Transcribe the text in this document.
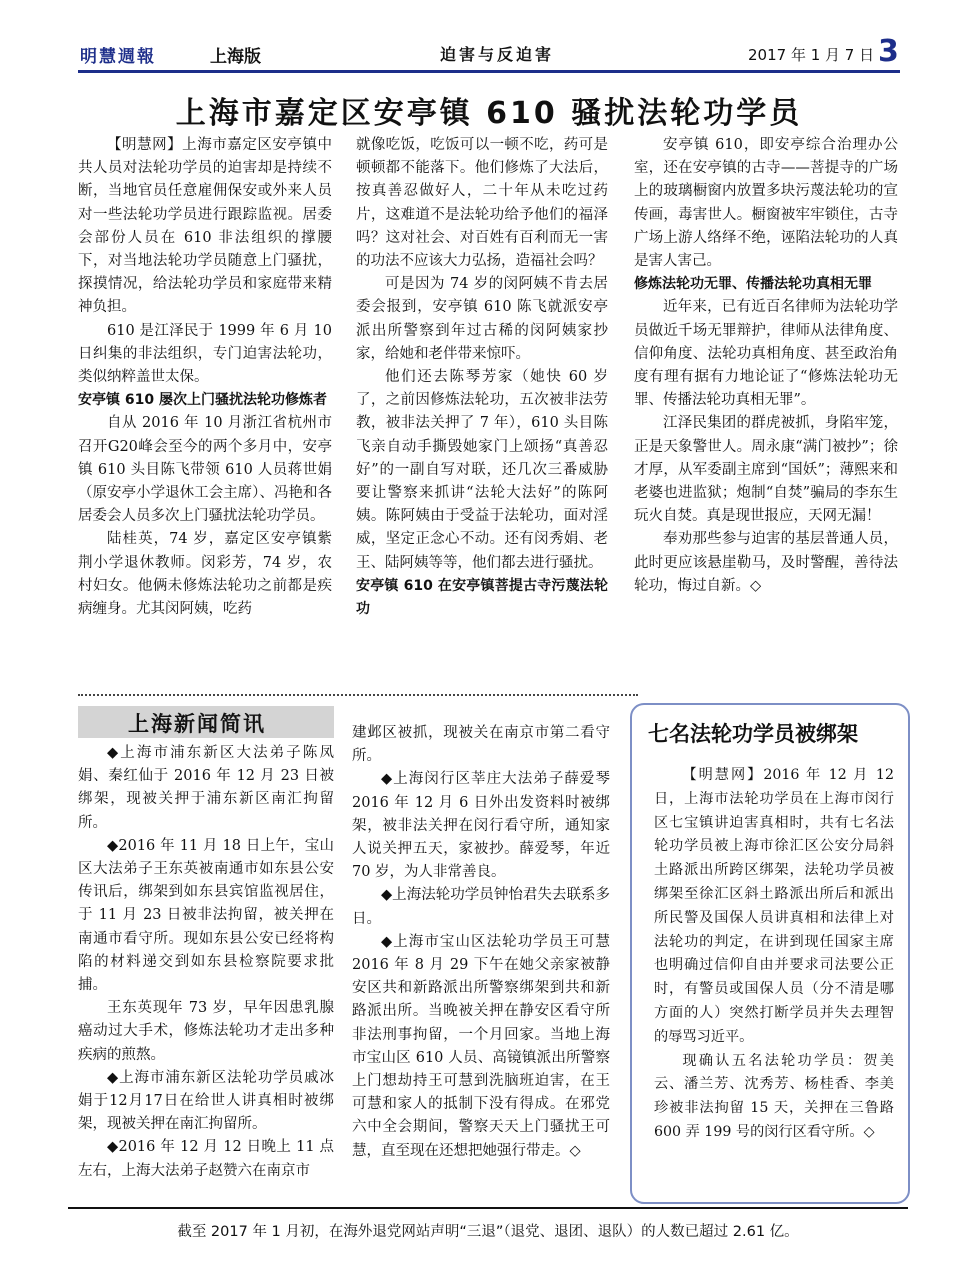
明慧週報	上海版	迫害与反迫害	2017 年 1 月 7 日 3
上海市嘉定区安亭镇 610 骚扰法轮功学员

【明慧网】上海市嘉定区安亭镇中共人员对法轮功学员的迫害却是持续不断，当地官员任意雇佣保安或外来人员对一些法轮功学员进行跟踪监视。居委会部份人员在 610 非法组织的撑腰下，对当地法轮功学员随意上门骚扰，探摸情况，给法轮功学员和家庭带来精神负担。

610 是江泽民于 1999 年 6 月 10 日纠集的非法组织，专门迫害法轮功，类似纳粹盖世太保。

安亭镇 610 屡次上门骚扰法轮功修炼者

自从 2016 年 10 月浙江省杭州市召开G20峰会至今的两个多月中，安亭镇 610 头目陈飞带领 610 人员蒋世娟（原安亭小学退休工会主席）、冯艳和各居委会人员多次上门骚扰法轮功学员。

陆桂英，74 岁，嘉定区安亭镇紫荆小学退休教师。闵彩芳，74 岁，农村妇女。他俩未修炼法轮功之前都是疾病缠身。尤其闵阿姨，吃药

就像吃饭，吃饭可以一顿不吃，药可是顿顿都不能落下。他们修炼了大法后，按真善忍做好人，二十年从未吃过药片，这难道不是法轮功给予他们的福泽吗？这对社会、对百姓有百利而无一害的功法不应该大力弘扬，造福社会吗？

可是因为 74 岁的闵阿姨不肯去居委会报到，安亭镇 610 陈飞就派安亭派出所警察到年过古稀的闵阿姨家抄家，给她和老伴带来惊吓。

他们还去陈琴芳家（她快 60 岁了，之前因修炼法轮功，五次被非法劳教，被非法关押了 7 年），610 头目陈飞亲自动手撕毁她家门上颂扬“真善忍好”的一副自写对联，还几次三番威胁要让警察来抓讲“法轮大法好”的陈阿姨。陈阿姨由于受益于法轮功，面对淫威，坚定正念心不动。还有闵秀娟、老王、陆阿姨等等，他们都去进行骚扰。

安亭镇 610 在安亭镇菩提古寺污蔑法轮功

安亭镇 610，即安亭综合治理办公室，还在安亭镇的古寺——菩提寺的广场上的玻璃橱窗内放置多块污蔑法轮功的宣传画，毒害世人。橱窗被牢牢锁住，古寺广场上游人络绎不绝，诬陷法轮功的人真是害人害己。

修炼法轮功无罪、传播法轮功真相无罪

近年来，已有近百名律师为法轮功学员做近千场无罪辩护，律师从法律角度、信仰角度、法轮功真相角度、甚至政治角度有理有据有力地论证了“修炼法轮功无罪、传播法轮功真相无罪”。

江泽民集团的群虎被抓，身陷牢笼，正是天象警世人。周永康“满门被抄”；徐才厚，从军委副主席到“国妖”；薄熙来和老婆也进监狱；炮制“自焚”骗局的李东生玩火自焚。真是现世报应，天网无漏！

奉劝那些参与迫害的基层普通人员，此时更应该悬崖勒马，及时警醒，善待法轮功，悔过自新。◇

上海新闻简讯

◆上海市浦东新区大法弟子陈凤娟、秦红仙于 2016 年 12 月 23 日被绑架，现被关押于浦东新区南汇拘留所。

◆2016 年 11 月 18 日上午，宝山区大法弟子王东英被南通市如东县公安传讯后，绑架到如东县宾馆监视居住，于 11 月 23 日被非法拘留，被关押在南通市看守所。现如东县公安已经将构陷的材料递交到如东县检察院要求批捕。

王东英现年 73 岁，早年因患乳腺癌动过大手术，修炼法轮功才走出多种疾病的煎熬。

◆上海市浦东新区法轮功学员戚冰娟于12月17日在给世人讲真相时被绑架，现被关押在南汇拘留所。

◆2016 年 12 月 12 日晚上 11 点左右，上海大法弟子赵赞六在南京市

建邺区被抓，现被关在南京市第二看守所。

◆上海闵行区莘庄大法弟子薛爱琴 2016 年 12 月 6 日外出发资料时被绑架，被非法关押在闵行看守所，通知家人说关押五天，家被抄。薛爱琴，年近 70 岁，为人非常善良。

◆上海法轮功学员钟怡君失去联系多日。

◆上海市宝山区法轮功学员王可慧 2016 年 8 月 29 下午在她父亲家被静安区共和新路派出所警察绑架到共和新路派出所。当晚被关押在静安区看守所非法刑事拘留，一个月回家。当地上海市宝山区 610 人员、高镜镇派出所警察上门想劫持王可慧到洗脑班迫害，在王可慧和家人的抵制下没有得成。在邪党六中全会期间，警察天天上门骚扰王可慧，直至现在还想把她强行带走。◇

七名法轮功学员被绑架

【明慧网】2016 年 12 月 12 日，上海市法轮功学员在上海市闵行区七宝镇讲迫害真相时，共有七名法轮功学员被上海市徐汇区公安分局斜土路派出所跨区绑架，法轮功学员被绑架至徐汇区斜土路派出所后和派出所民警及国保人员讲真相和法律上对法轮功的判定，在讲到现任国家主席也明确过信仰自由并要求司法要公正时，有警员或国保人员（分不清是哪方面的人）突然打断学员并失去理智的辱骂习近平。

现确认五名法轮功学员：贺美云、潘兰芳、沈秀芳、杨桂香、李美珍被非法拘留 15 天，关押在三鲁路 600 弄 199 号的闵行区看守所。◇

截至 2017 年 1 月初，在海外退党网站声明“三退”（退党、退团、退队）的人数已超过 2.61 亿。
